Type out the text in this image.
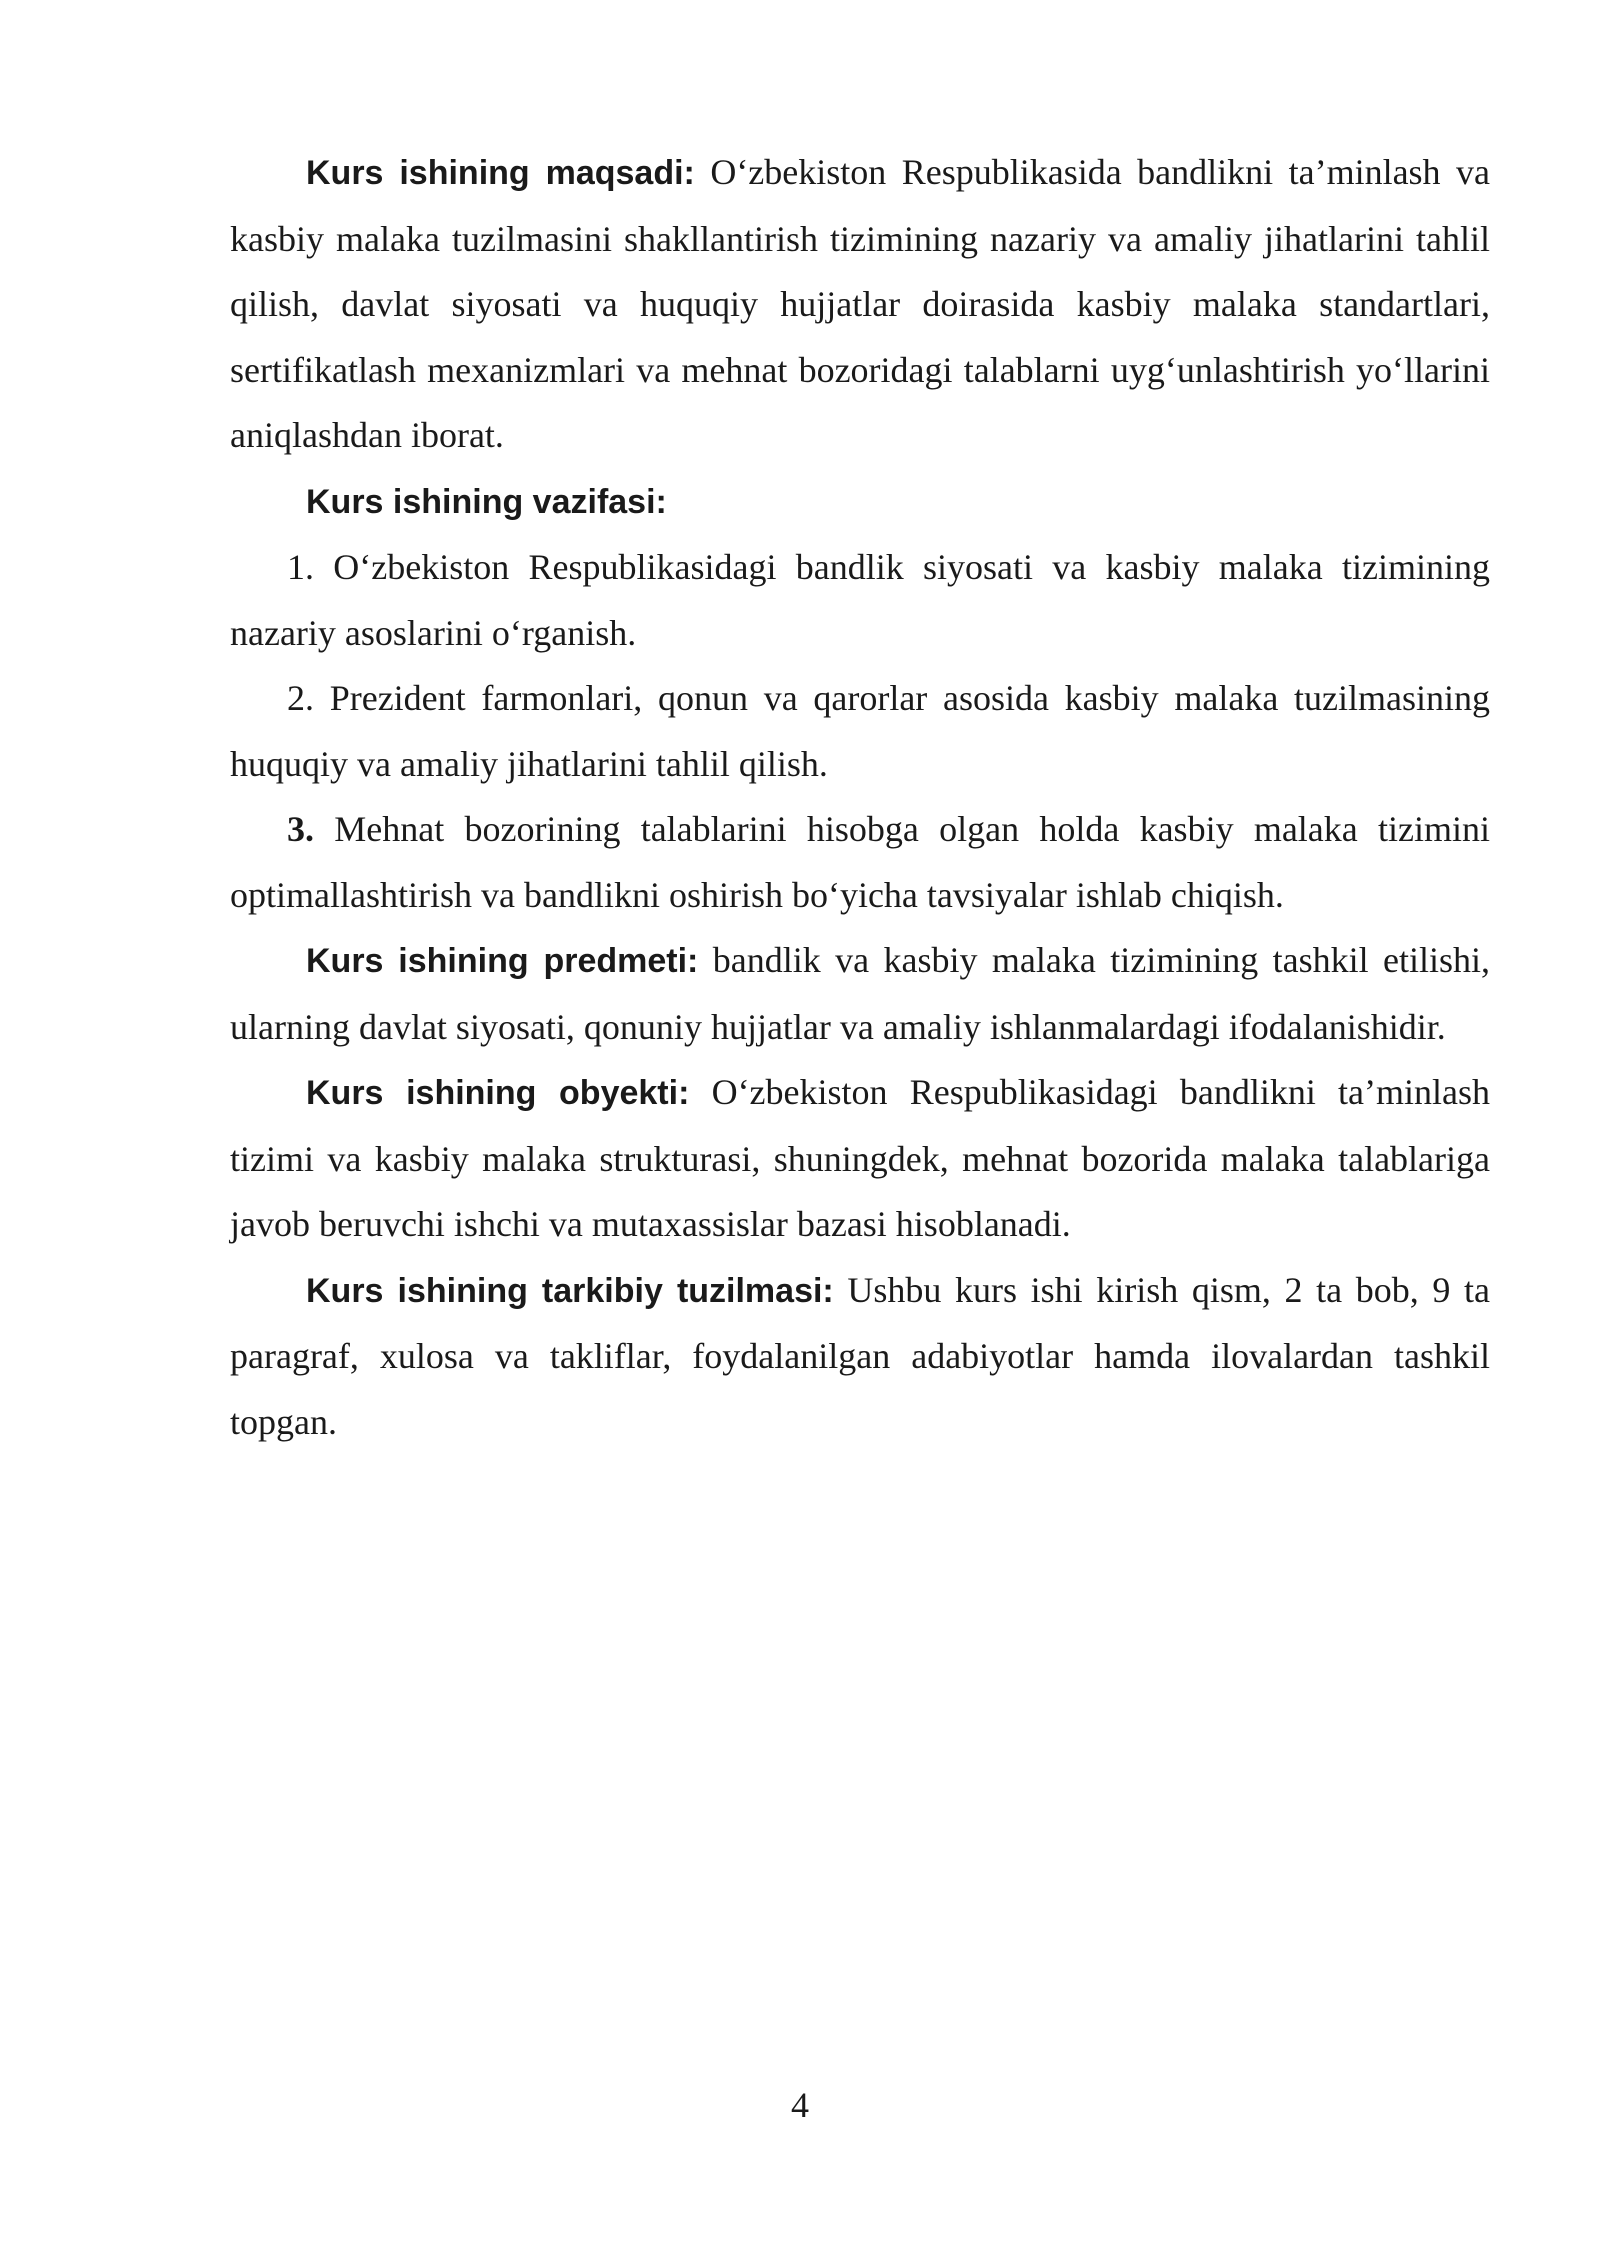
Kurs ishining maqsadi: O‘zbekiston Respublikasida bandlikni ta’minlash va kasbiy malaka tuzilmasini shakllantirish tizimining nazariy va amaliy jihatlarini tahlil qilish, davlat siyosati va huquqiy hujjatlar doirasida kasbiy malaka standartlari, sertifikatlash mexanizmlari va mehnat bozoridagi talablarni uyg‘unlashtirish yo‘llarini aniqlashdan iborat.

Kurs ishining vazifasi:

1. O‘zbekiston Respublikasidagi bandlik siyosati va kasbiy malaka tizimining nazariy asoslarini o‘rganish.

2. Prezident farmonlari, qonun va qarorlar asosida kasbiy malaka tuzilmasining huquqiy va amaliy jihatlarini tahlil qilish.

3. Mehnat bozorining talablarini hisobga olgan holda kasbiy malaka tizimini optimallashtirish va bandlikni oshirish bo‘yicha tavsiyalar ishlab chiqish.

Kurs ishining predmeti: bandlik va kasbiy malaka tizimining tashkil etilishi, ularning davlat siyosati, qonuniy hujjatlar va amaliy ishlanmalardagi ifodalanishidir.

Kurs ishining obyekti: O‘zbekiston Respublikasidagi bandlikni ta’minlash tizimi va kasbiy malaka strukturasi, shuningdek, mehnat bozorida malaka talablariga javob beruvchi ishchi va mutaxassislar bazasi hisoblanadi.

Kurs ishining tarkibiy tuzilmasi: Ushbu kurs ishi kirish qism, 2 ta bob, 9 ta paragraf, xulosa va takliflar, foydalanilgan adabiyotlar hamda ilovalardan tashkil topgan.

4
